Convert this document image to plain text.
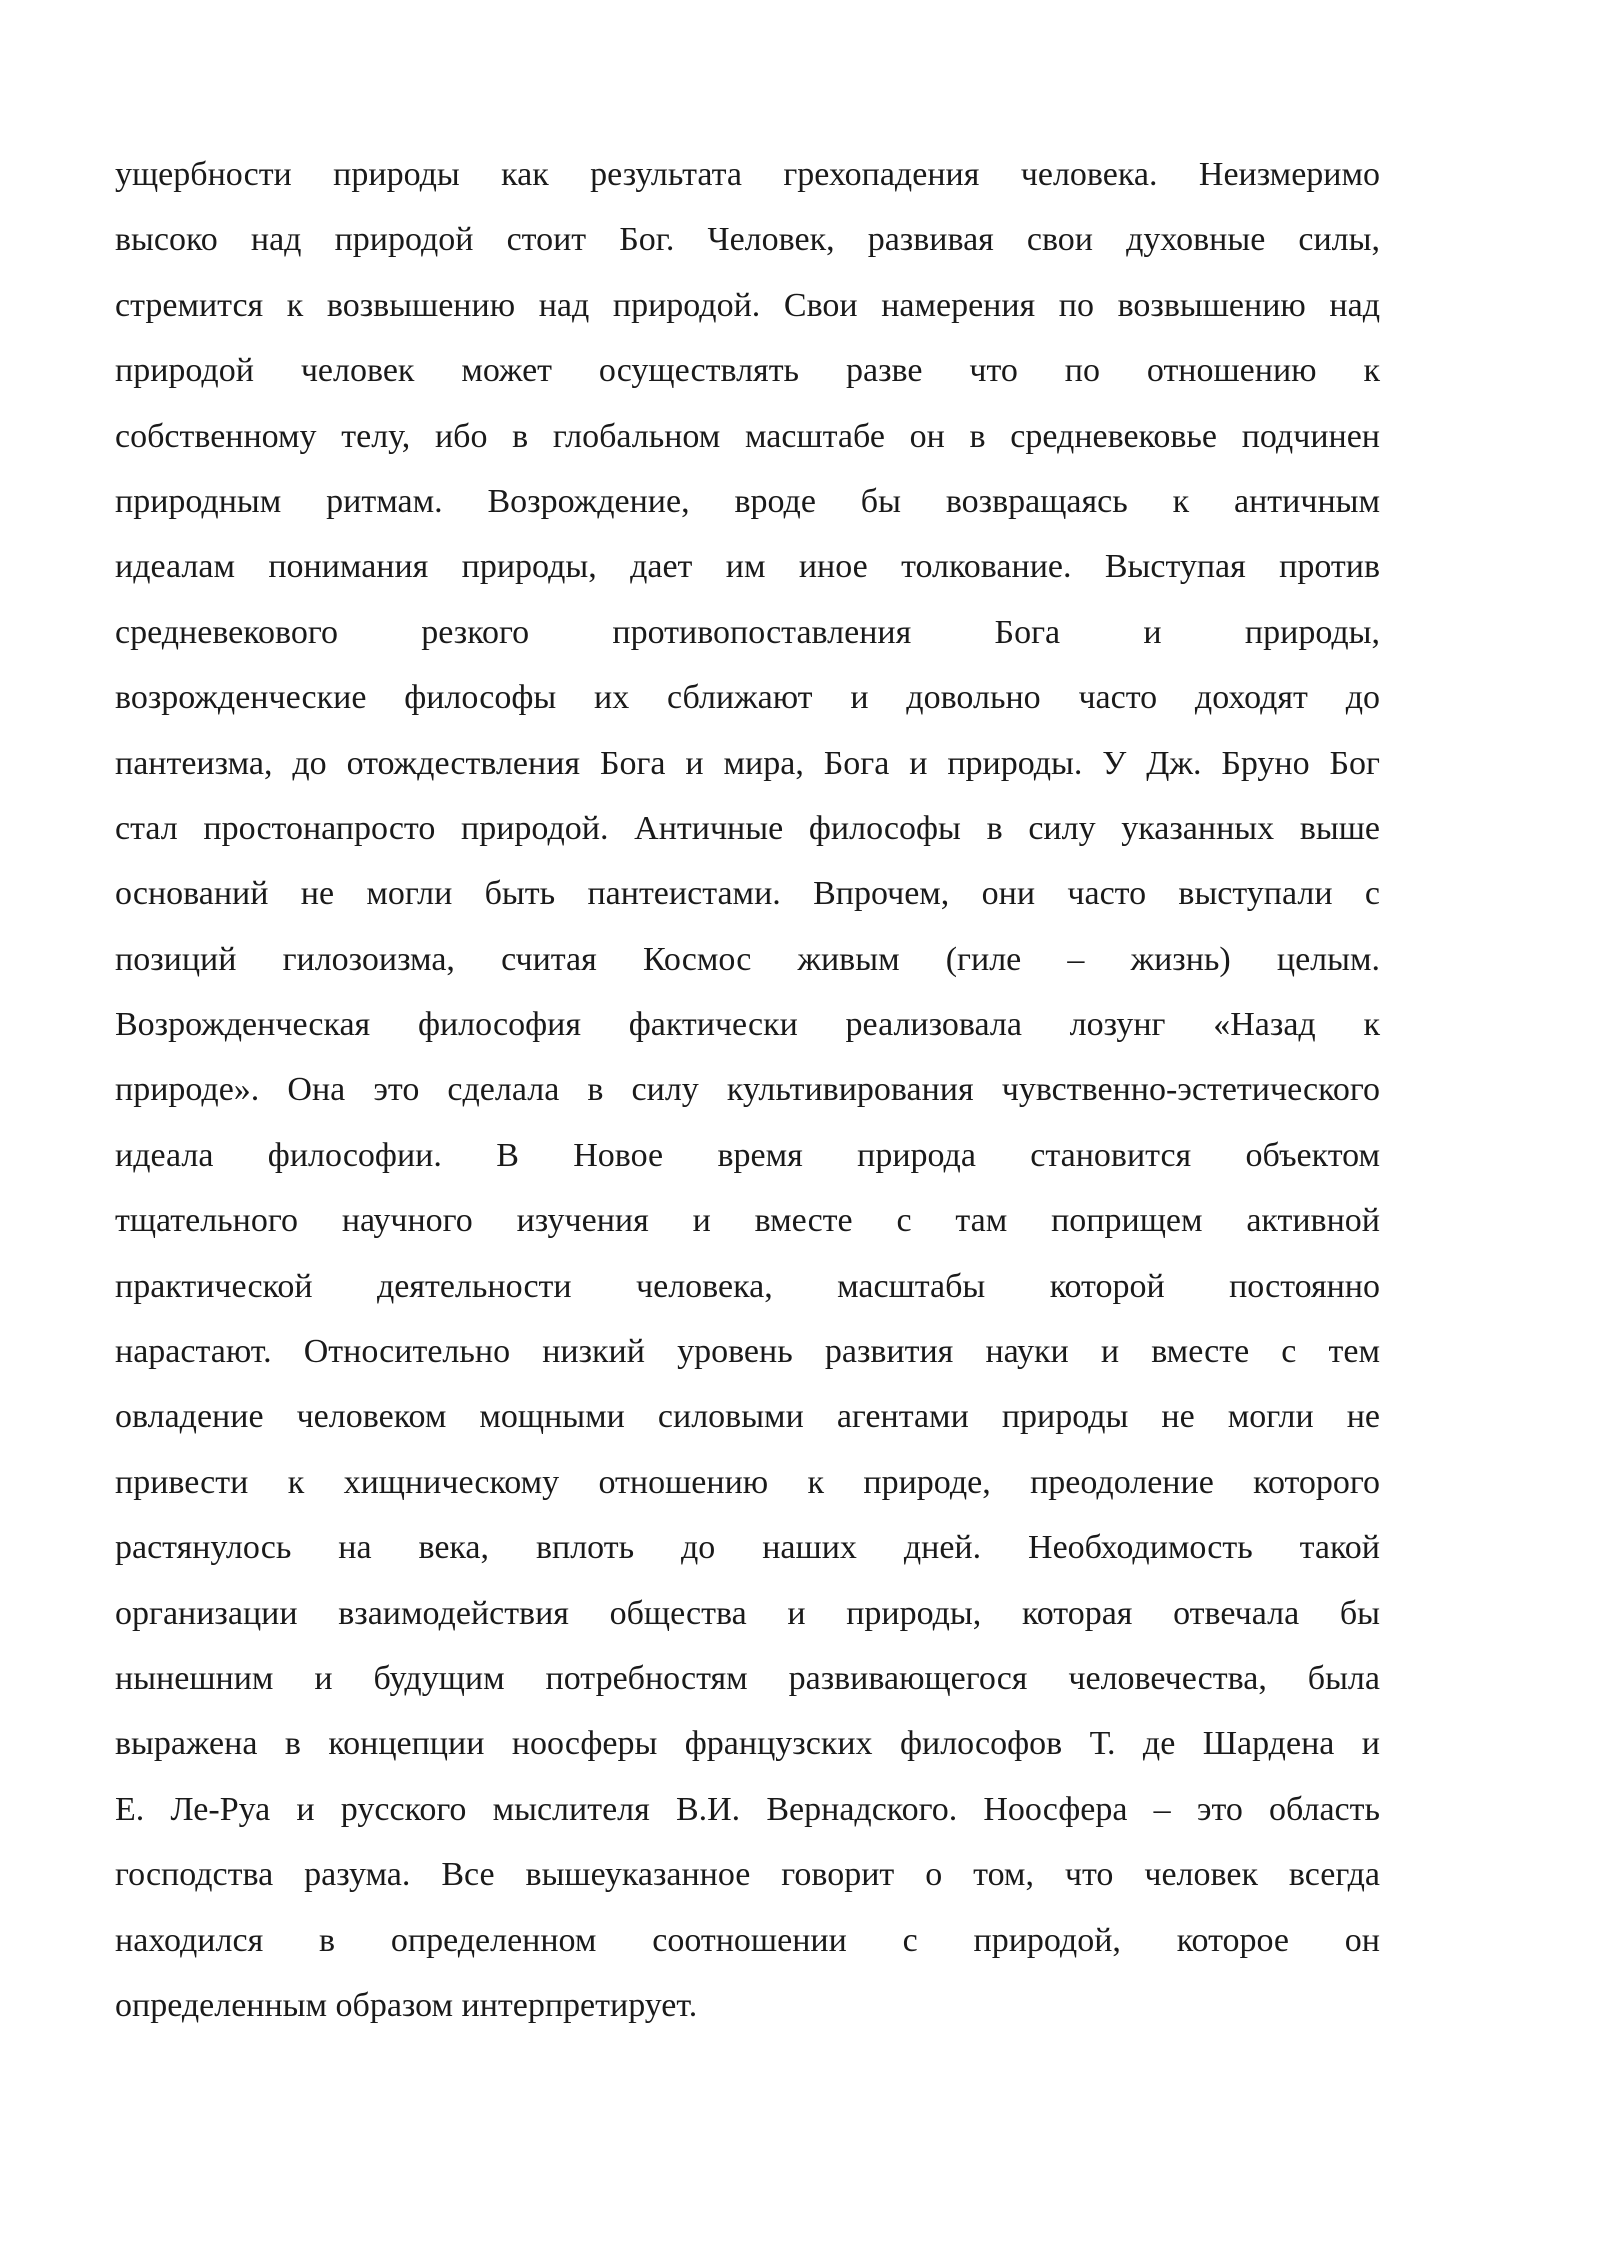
ущербности природы как результата грехопадения человека. Неизмеримо
высоко над природой стоит Бог. Человек, развивая свои духовные силы,
стремится к возвышению над природой. Свои намерения по возвышению над
природой человек может осуществлять разве что по отношению к
собственному телу, ибо в глобальном масштабе он в средневековье подчинен
природным ритмам. Возрождение, вроде бы возвращаясь к античным
идеалам понимания природы, дает им иное толкование. Выступая против
средневекового резкого противопоставления Бога и природы,
возрожденческие философы их сближают и довольно часто доходят до
пантеизма, до отождествления Бога и мира, Бога и природы. У Дж. Бруно Бог
стал простонапросто природой. Античные философы в силу указанных выше
оснований не могли быть пантеистами. Впрочем, они часто выступали с
позиций гилозоизма, считая Космос живым (гиле – жизнь) целым.
Возрожденческая философия фактически реализовала лозунг «Назад к
природе». Она это сделала в силу культивирования чувственно-эстетического
идеала философии. В Новое время природа становится объектом
тщательного научного изучения и вместе с там поприщем активной
практической деятельности человека, масштабы которой постоянно
нарастают. Относительно низкий уровень развития науки и вместе с тем
овладение человеком мощными силовыми агентами природы не могли не
привести к хищническому отношению к природе, преодоление которого
растянулось на века, вплоть до наших дней. Необходимость такой
организации взаимодействия общества и природы, которая отвечала бы
нынешним и будущим потребностям развивающегося человечества, была
выражена в концепции ноосферы французских философов Т. де Шардена и
Е. Ле-Руа и русского мыслителя В.И. Вернадского. Ноосфера – это область
господства разума. Все вышеуказанное говорит о том, что человек всегда
находился в определенном соотношении с природой, которое он
определенным образом интерпретирует.
